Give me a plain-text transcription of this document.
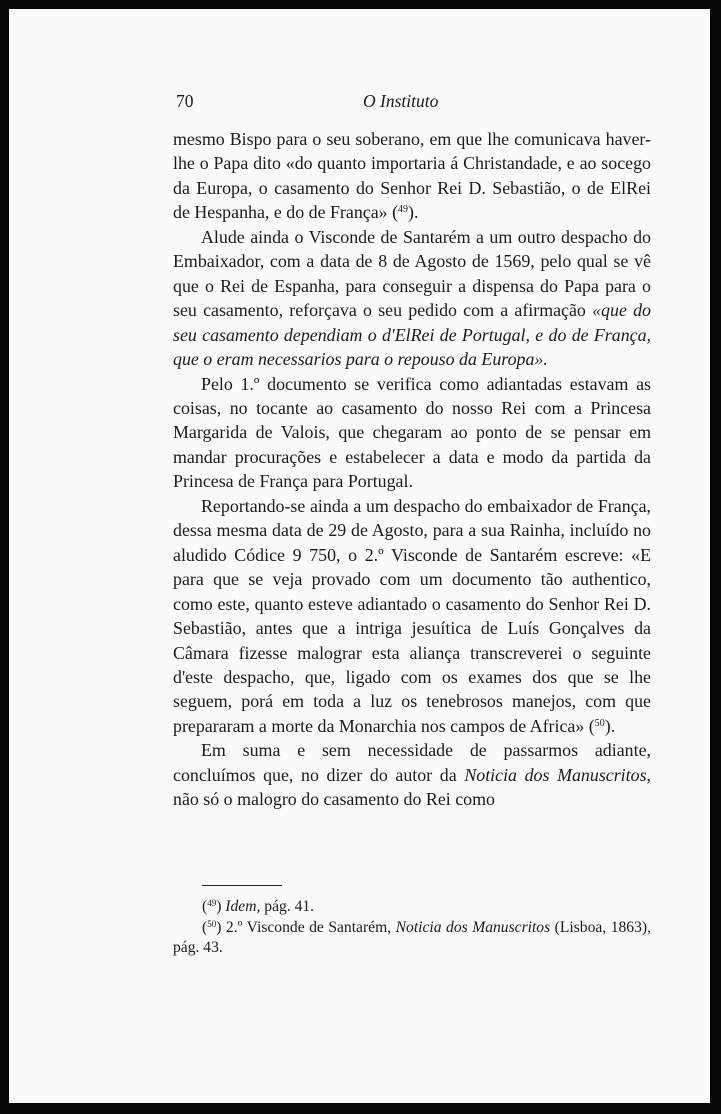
70	O Instituto

mesmo Bispo para o seu soberano, em que lhe comunicava haver-lhe o Papa dito «do quanto importaria á Christandade, e ao socego da Europa, o casamento do Senhor Rei D. Sebastião, o de ElRei de Hespanha, e do de França» ($^{49}$).

Alude ainda o Visconde de Santarém a um outro despacho do Embaixador, com a data de 8 de Agosto de 1569, pelo qual se vê que o Rei de Espanha, para conseguir a dispensa do Papa para o seu casamento, reforçava o seu pedido com a afirmação «que do seu casamento dependiam o d'ElRei de Portugal, e do de França, que o eram necessarios para o repouso da Europa».

Pelo 1.º documento se verifica como adiantadas estavam as coisas, no tocante ao casamento do nosso Rei com a Princesa Margarida de Valois, que chegaram ao ponto de se pensar em mandar procurações e estabelecer a data e modo da partida da Princesa de França para Portugal.

Reportando-se ainda a um despacho do embaixador de França, dessa mesma data de 29 de Agosto, para a sua Rainha, incluído no aludido Códice 9 750, o 2.º Visconde de Santarém escreve: «E para que se veja provado com um documento tão authentico, como este, quanto esteve adiantado o casamento do Senhor Rei D. Sebastião, antes que a intriga jesuítica de Luís Gonçalves da Câmara fizesse malograr esta aliança transcreverei o seguinte d'este despacho, que, ligado com os exames dos que se lhe seguem, porá em toda a luz os tenebrosos manejos, com que prepararam a morte da Monarchia nos campos de Africa» ($^{50}$).

Em suma e sem necessidade de passarmos adiante, concluímos que, no dizer do autor da Noticia dos Manuscritos, não só o malogro do casamento do Rei como

($^{49}$) Idem, pág. 41.

($^{50}$) 2.º Visconde de Santarém, Noticia dos Manuscritos (Lisboa, 1863), pág. 43.
